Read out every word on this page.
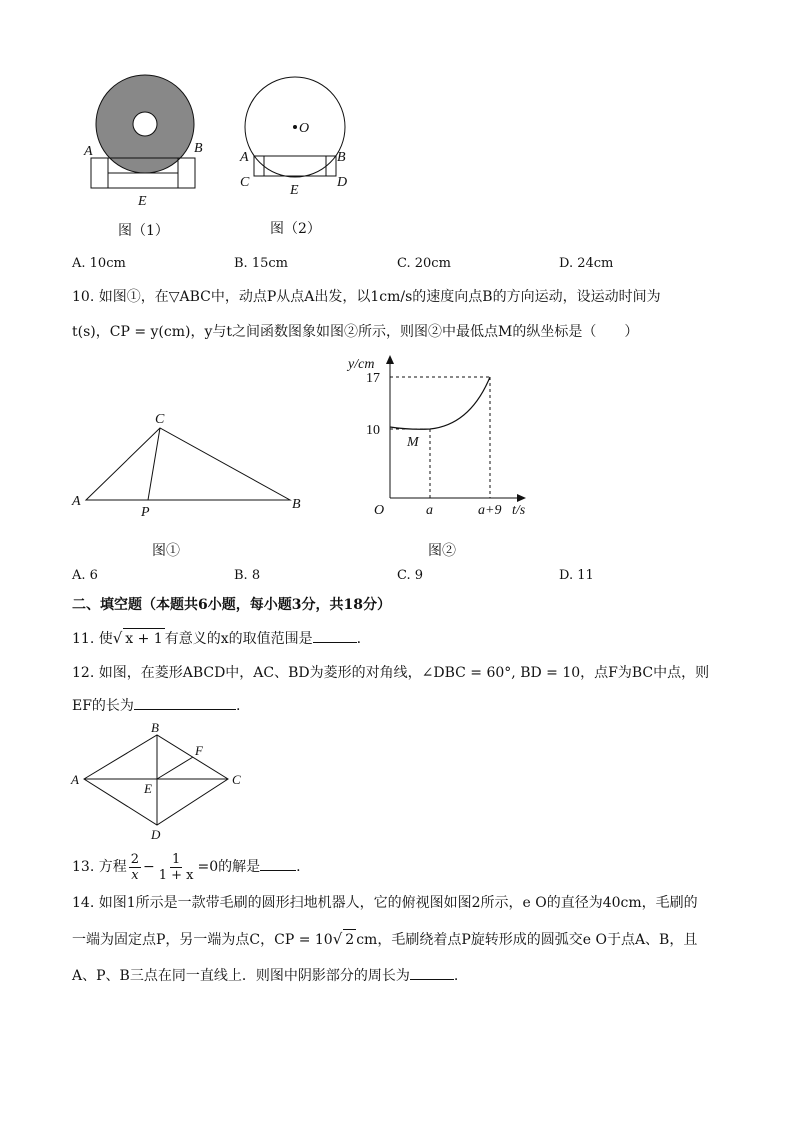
A	B
E
图（1）
O
A	B
C
E
D
图（2）
A. 10cm	B. 15cm	C. 20cm	D. 24cm
10. 如图①，在▽ABC中，动点P从点A出发，以1cm/s的速度向点B的方向运动，设运动时间为
t(s)，CP = y(cm)，y与t之间函数图象如图②所示，则图②中最低点M的纵坐标是（　　）
A
C
B
P
图①
y/cm
17
10
M
O	a	a+9 t/s
图②
A. 6	B. 8	C. 9	D. 11
二、填空题（本题共6小题，每小题3分，共18分）
11. 使√ x + 1 有意义的x的取值范围是	.
12. 如图，在菱形ABCD中，AC、BD为菱形的对角线，∠DBC = 60°, BD = 10，点F为BC中点，则
EF的长为	.
A
B
C
D
E
F
13. 方程 $\frac{2}{x} - \frac{1}{1 + x} =0$的解是	.
14. 如图1所示是一款带毛刷的圆形扫地机器人，它的俯视图如图2所示，e O的直径为40cm，毛刷的
一端为固定点P，另一端为点C，CP = 10√ 2 cm，毛刷绕着点P旋转形成的圆弧交e O于点A、B，且
A、P、B三点在同一直线上．则图中阴影部分的周长为	.
